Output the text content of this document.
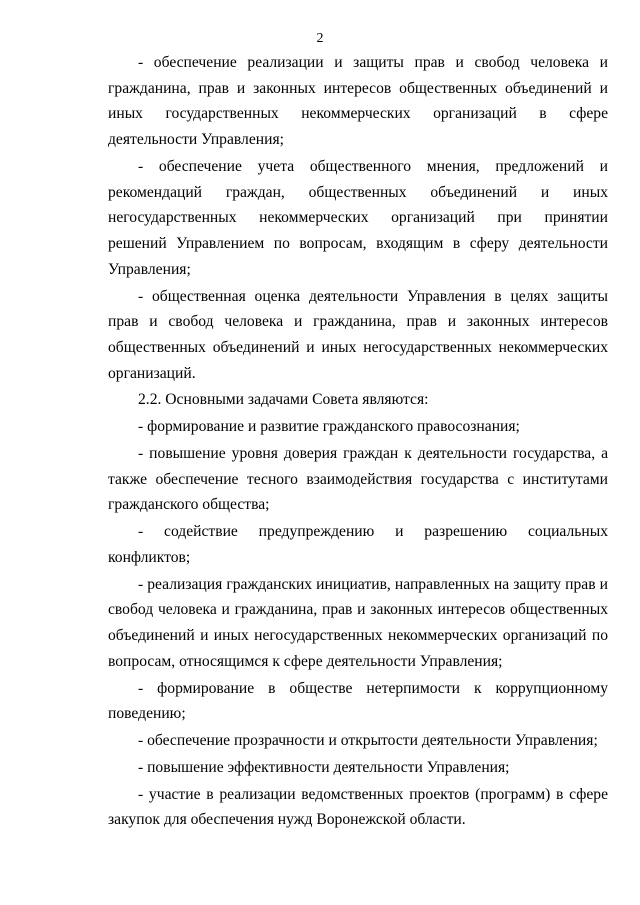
2

- обеспечение реализации и защиты прав и свобод человека и гражданина, прав и законных интересов общественных объединений и иных государственных некоммерческих организаций в сфере деятельности Управления;

- обеспечение учета общественного мнения, предложений и рекомендаций граждан, общественных объединений и иных негосударственных некоммерческих организаций при принятии решений Управлением по вопросам, входящим в сферу деятельности Управления;

- общественная оценка деятельности Управления в целях защиты прав и свобод человека и гражданина, прав и законных интересов общественных объединений и иных негосударственных некоммерческих организаций.

2.2. Основными задачами Совета являются:

- формирование и развитие гражданского правосознания;

- повышение уровня доверия граждан к деятельности государства, а также обеспечение тесного взаимодействия государства с институтами гражданского общества;

- содействие предупреждению и разрешению социальных конфликтов;

- реализация гражданских инициатив, направленных на защиту прав и свобод человека и гражданина, прав и законных интересов общественных объединений и иных негосударственных некоммерческих организаций по вопросам, относящимся к сфере деятельности Управления;

- формирование в обществе нетерпимости к коррупционному поведению;

- обеспечение прозрачности и открытости деятельности Управления;

- повышение эффективности деятельности Управления;

- участие в реализации ведомственных проектов (программ) в сфере закупок для обеспечения нужд Воронежской области.
